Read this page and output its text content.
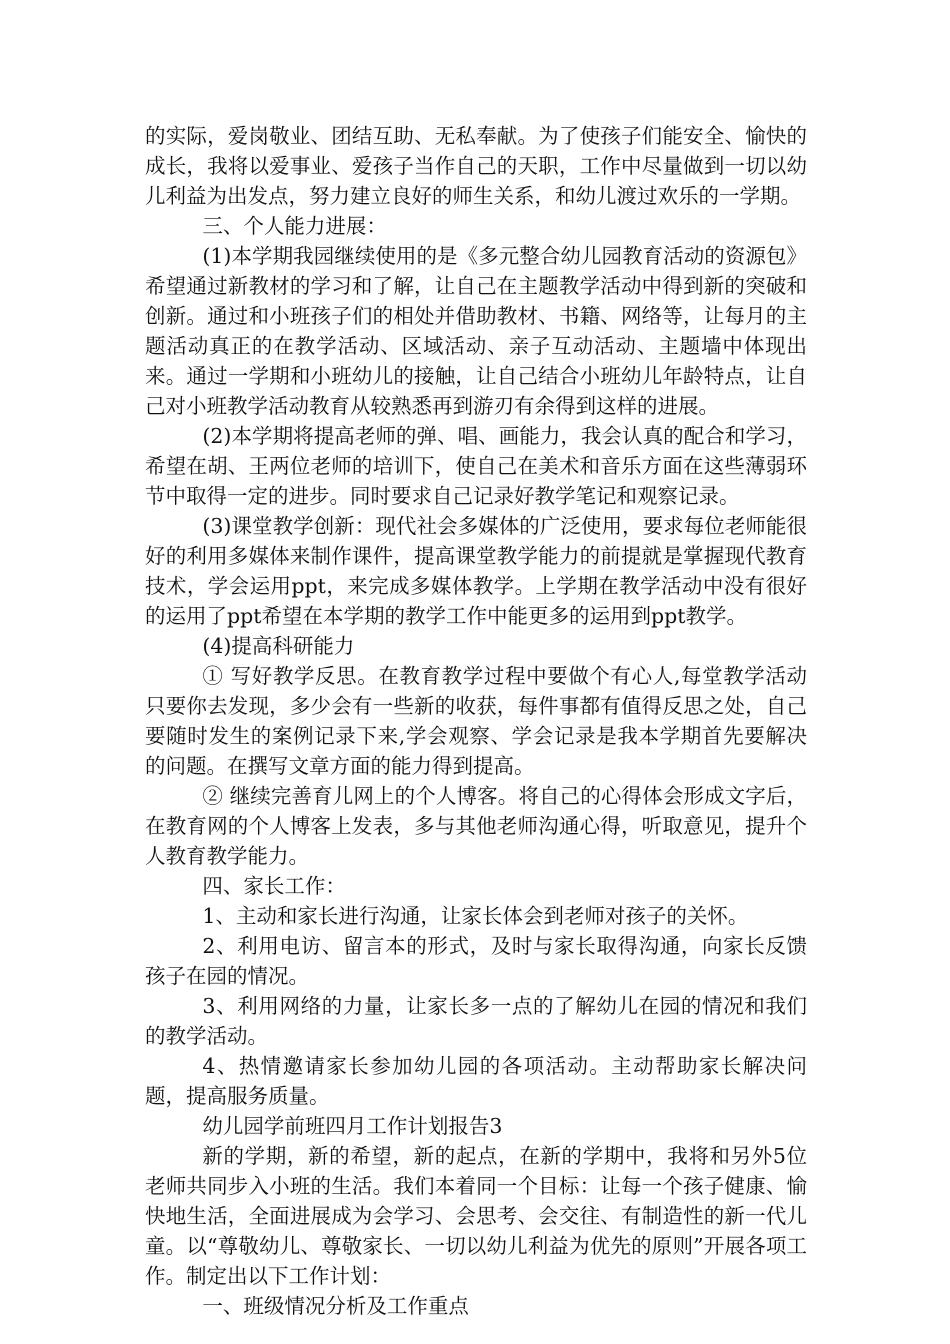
的实际，爱岗敬业、团结互助、无私奉献。为了使孩子们能安全、愉快的成长，我将以爱事业、爱孩子当作自己的天职，工作中尽量做到一切以幼儿利益为出发点，努力建立良好的师生关系，和幼儿渡过欢乐的一学期。

三、个人能力进展：

(1)本学期我园继续使用的是《多元整合幼儿园教育活动的资源包》希望通过新教材的学习和了解，让自己在主题教学活动中得到新的突破和创新。通过和小班孩子们的相处并借助教材、书籍、网络等，让每月的主题活动真正的在教学活动、区域活动、亲子互动活动、主题墙中体现出来。通过一学期和小班幼儿的接触，让自己结合小班幼儿年龄特点，让自己对小班教学活动教育从较熟悉再到游刃有余得到这样的进展。

(2)本学期将提高老师的弹、唱、画能力，我会认真的配合和学习，希望在胡、王两位老师的培训下，使自己在美术和音乐方面在这些薄弱环节中取得一定的进步。同时要求自己记录好教学笔记和观察记录。

(3)课堂教学创新：现代社会多媒体的广泛使用，要求每位老师能很好的利用多媒体来制作课件，提高课堂教学能力的前提就是掌握现代教育技术，学会运用ppt，来完成多媒体教学。上学期在教学活动中没有很好的运用了ppt希望在本学期的教学工作中能更多的运用到ppt教学。

(4)提高科研能力

① 写好教学反思。在教育教学过程中要做个有心人,每堂教学活动只要你去发现，多少会有一些新的收获，每件事都有值得反思之处，自己要随时发生的案例记录下来,学会观察、学会记录是我本学期首先要解决的问题。在撰写文章方面的能力得到提高。

② 继续完善育儿网上的个人博客。将自己的心得体会形成文字后，在教育网的个人博客上发表，多与其他老师沟通心得，听取意见，提升个人教育教学能力。

四、家长工作：

1、主动和家长进行沟通，让家长体会到老师对孩子的关怀。

2、利用电访、留言本的形式，及时与家长取得沟通，向家长反馈孩子在园的情况。

3、利用网络的力量，让家长多一点的了解幼儿在园的情况和我们的教学活动。

4、热情邀请家长参加幼儿园的各项活动。主动帮助家长解决问题，提高服务质量。

幼儿园学前班四月工作计划报告3

新的学期，新的希望，新的起点，在新的学期中，我将和另外5位老师共同步入小班的生活。我们本着同一个目标：让每一个孩子健康、愉快地生活，全面进展成为会学习、会思考、会交往、有制造性的新一代儿童。以“尊敬幼儿、尊敬家长、一切以幼儿利益为优先的原则”开展各项工作。制定出以下工作计划：

一、班级情况分析及工作重点
